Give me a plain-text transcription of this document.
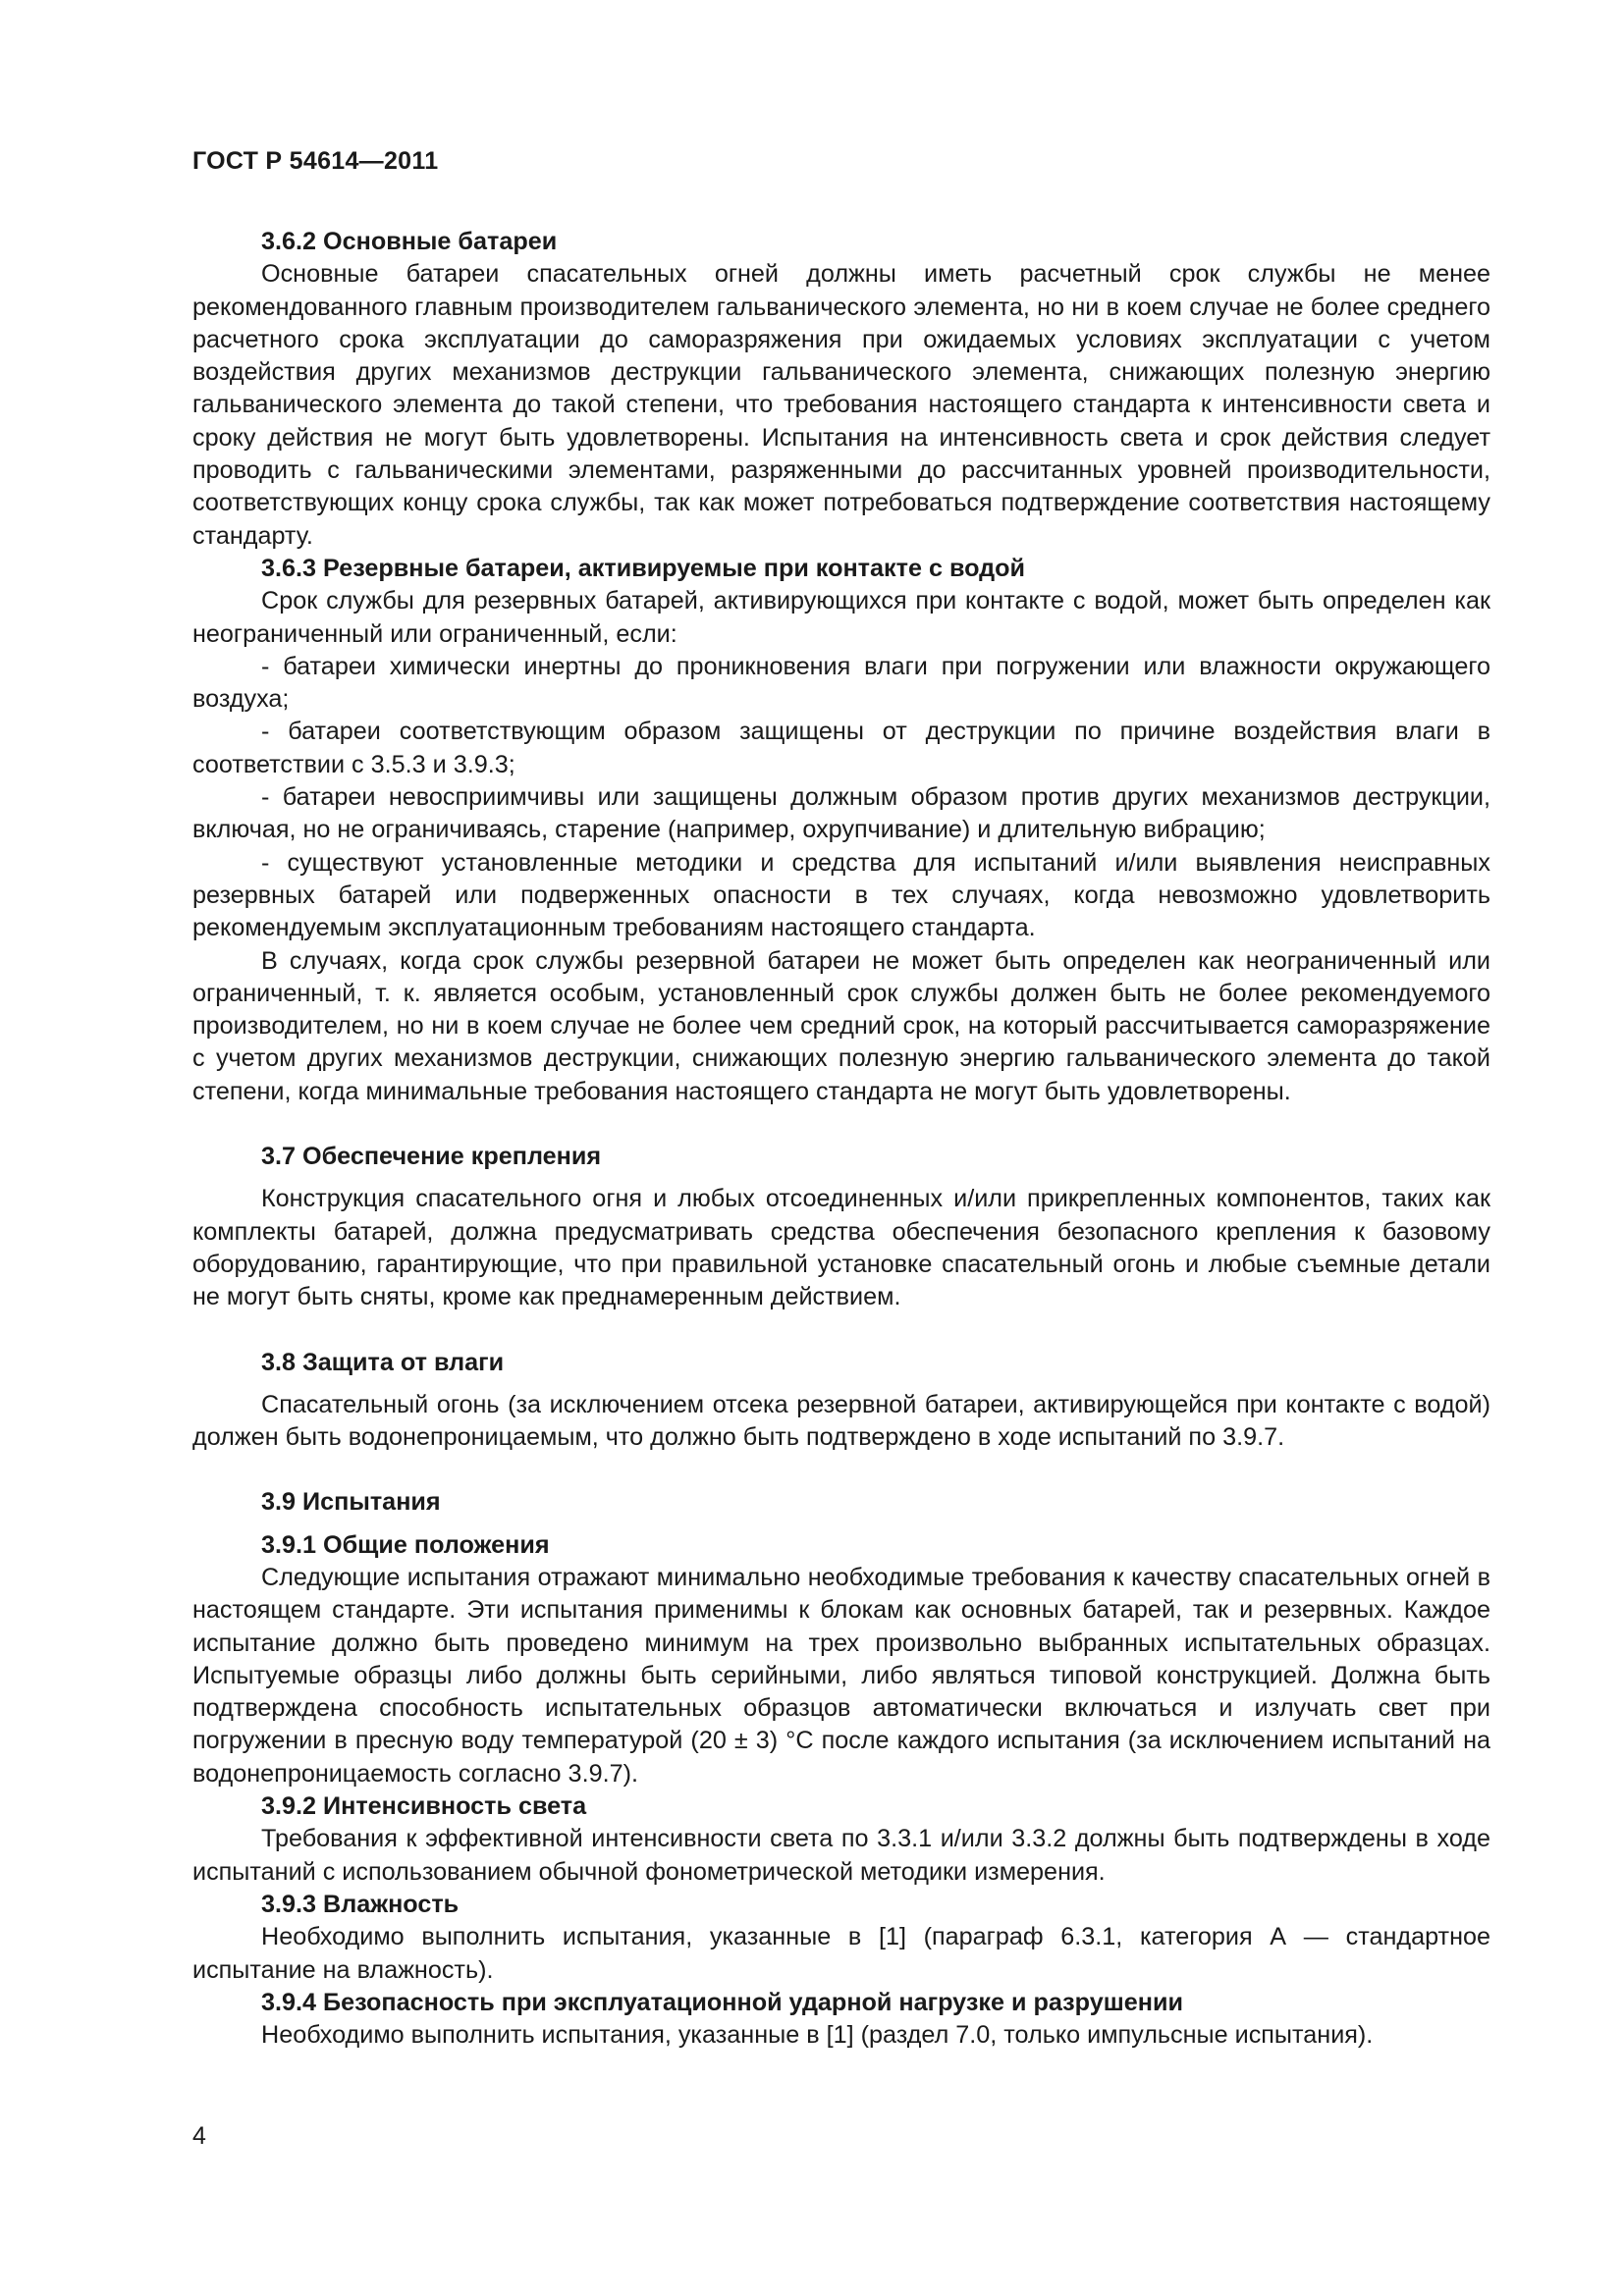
ГОСТ Р 54614—2011
3.6.2 Основные батареи

Основные батареи спасательных огней должны иметь расчетный срок службы не менее рекомендованного главным производителем гальванического элемента, но ни в коем случае не более среднего расчетного срока эксплуатации до саморазряжения при ожидаемых условиях эксплуатации с учетом воздействия других механизмов деструкции гальванического элемента, снижающих полезную энергию гальванического элемента до такой степени, что требования настоящего стандарта к интенсивности света и сроку действия не могут быть удовлетворены. Испытания на интенсивность света и срок действия следует проводить с гальваническими элементами, разряженными до рассчитанных уровней производительности, соответствующих концу срока службы, так как может потребоваться подтверждение соответствия настоящему стандарту.

3.6.3 Резервные батареи, активируемые при контакте с водой

Срок службы для резервных батарей, активирующихся при контакте с водой, может быть определен как неограниченный или ограниченный, если:

- батареи химически инертны до проникновения влаги при погружении или влажности окружающего воздуха;

- батареи соответствующим образом защищены от деструкции по причине воздействия влаги в соответствии с 3.5.3 и 3.9.3;

- батареи невосприимчивы или защищены должным образом против других механизмов деструкции, включая, но не ограничиваясь, старение (например, охрупчивание) и длительную вибрацию;

- существуют установленные методики и средства для испытаний и/или выявления неисправных резервных батарей или подверженных опасности в тех случаях, когда невозможно удовлетворить рекомендуемым эксплуатационным требованиям настоящего стандарта.

В случаях, когда срок службы резервной батареи не может быть определен как неограниченный или ограниченный, т. к. является особым, установленный срок службы должен быть не более рекомендуемого производителем, но ни в коем случае не более чем средний срок, на который рассчитывается саморазряжение с учетом других механизмов деструкции, снижающих полезную энергию гальванического элемента до такой степени, когда минимальные требования настоящего стандарта не могут быть удовлетворены.

3.7 Обеспечение крепления

Конструкция спасательного огня и любых отсоединенных и/или прикрепленных компонентов, таких как комплекты батарей, должна предусматривать средства обеспечения безопасного крепления к базовому оборудованию, гарантирующие, что при правильной установке спасательный огонь и любые съемные детали не могут быть сняты, кроме как преднамеренным действием.

3.8 Защита от влаги

Спасательный огонь (за исключением отсека резервной батареи, активирующейся при контакте с водой) должен быть водонепроницаемым, что должно быть подтверждено в ходе испытаний по 3.9.7.

3.9 Испытания
3.9.1 Общие положения

Следующие испытания отражают минимально необходимые требования к качеству спасательных огней в настоящем стандарте. Эти испытания применимы к блокам как основных батарей, так и резервных. Каждое испытание должно быть проведено минимум на трех произвольно выбранных испытательных образцах. Испытуемые образцы либо должны быть серийными, либо являться типовой конструкцией. Должна быть подтверждена способность испытательных образцов автоматически включаться и излучать свет при погружении в пресную воду температурой (20 ± 3) °С после каждого испытания (за исключением испытаний на водонепроницаемость согласно 3.9.7).

3.9.2 Интенсивность света

Требования к эффективной интенсивности света по 3.3.1 и/или 3.3.2 должны быть подтверждены в ходе испытаний с использованием обычной фонометрической методики измерения.

3.9.3 Влажность

Необходимо выполнить испытания, указанные в [1] (параграф 6.3.1, категория А — стандартное испытание на влажность).

3.9.4 Безопасность при эксплуатационной ударной нагрузке и разрушении

Необходимо выполнить испытания, указанные в [1] (раздел 7.0, только импульсные испытания).

4
